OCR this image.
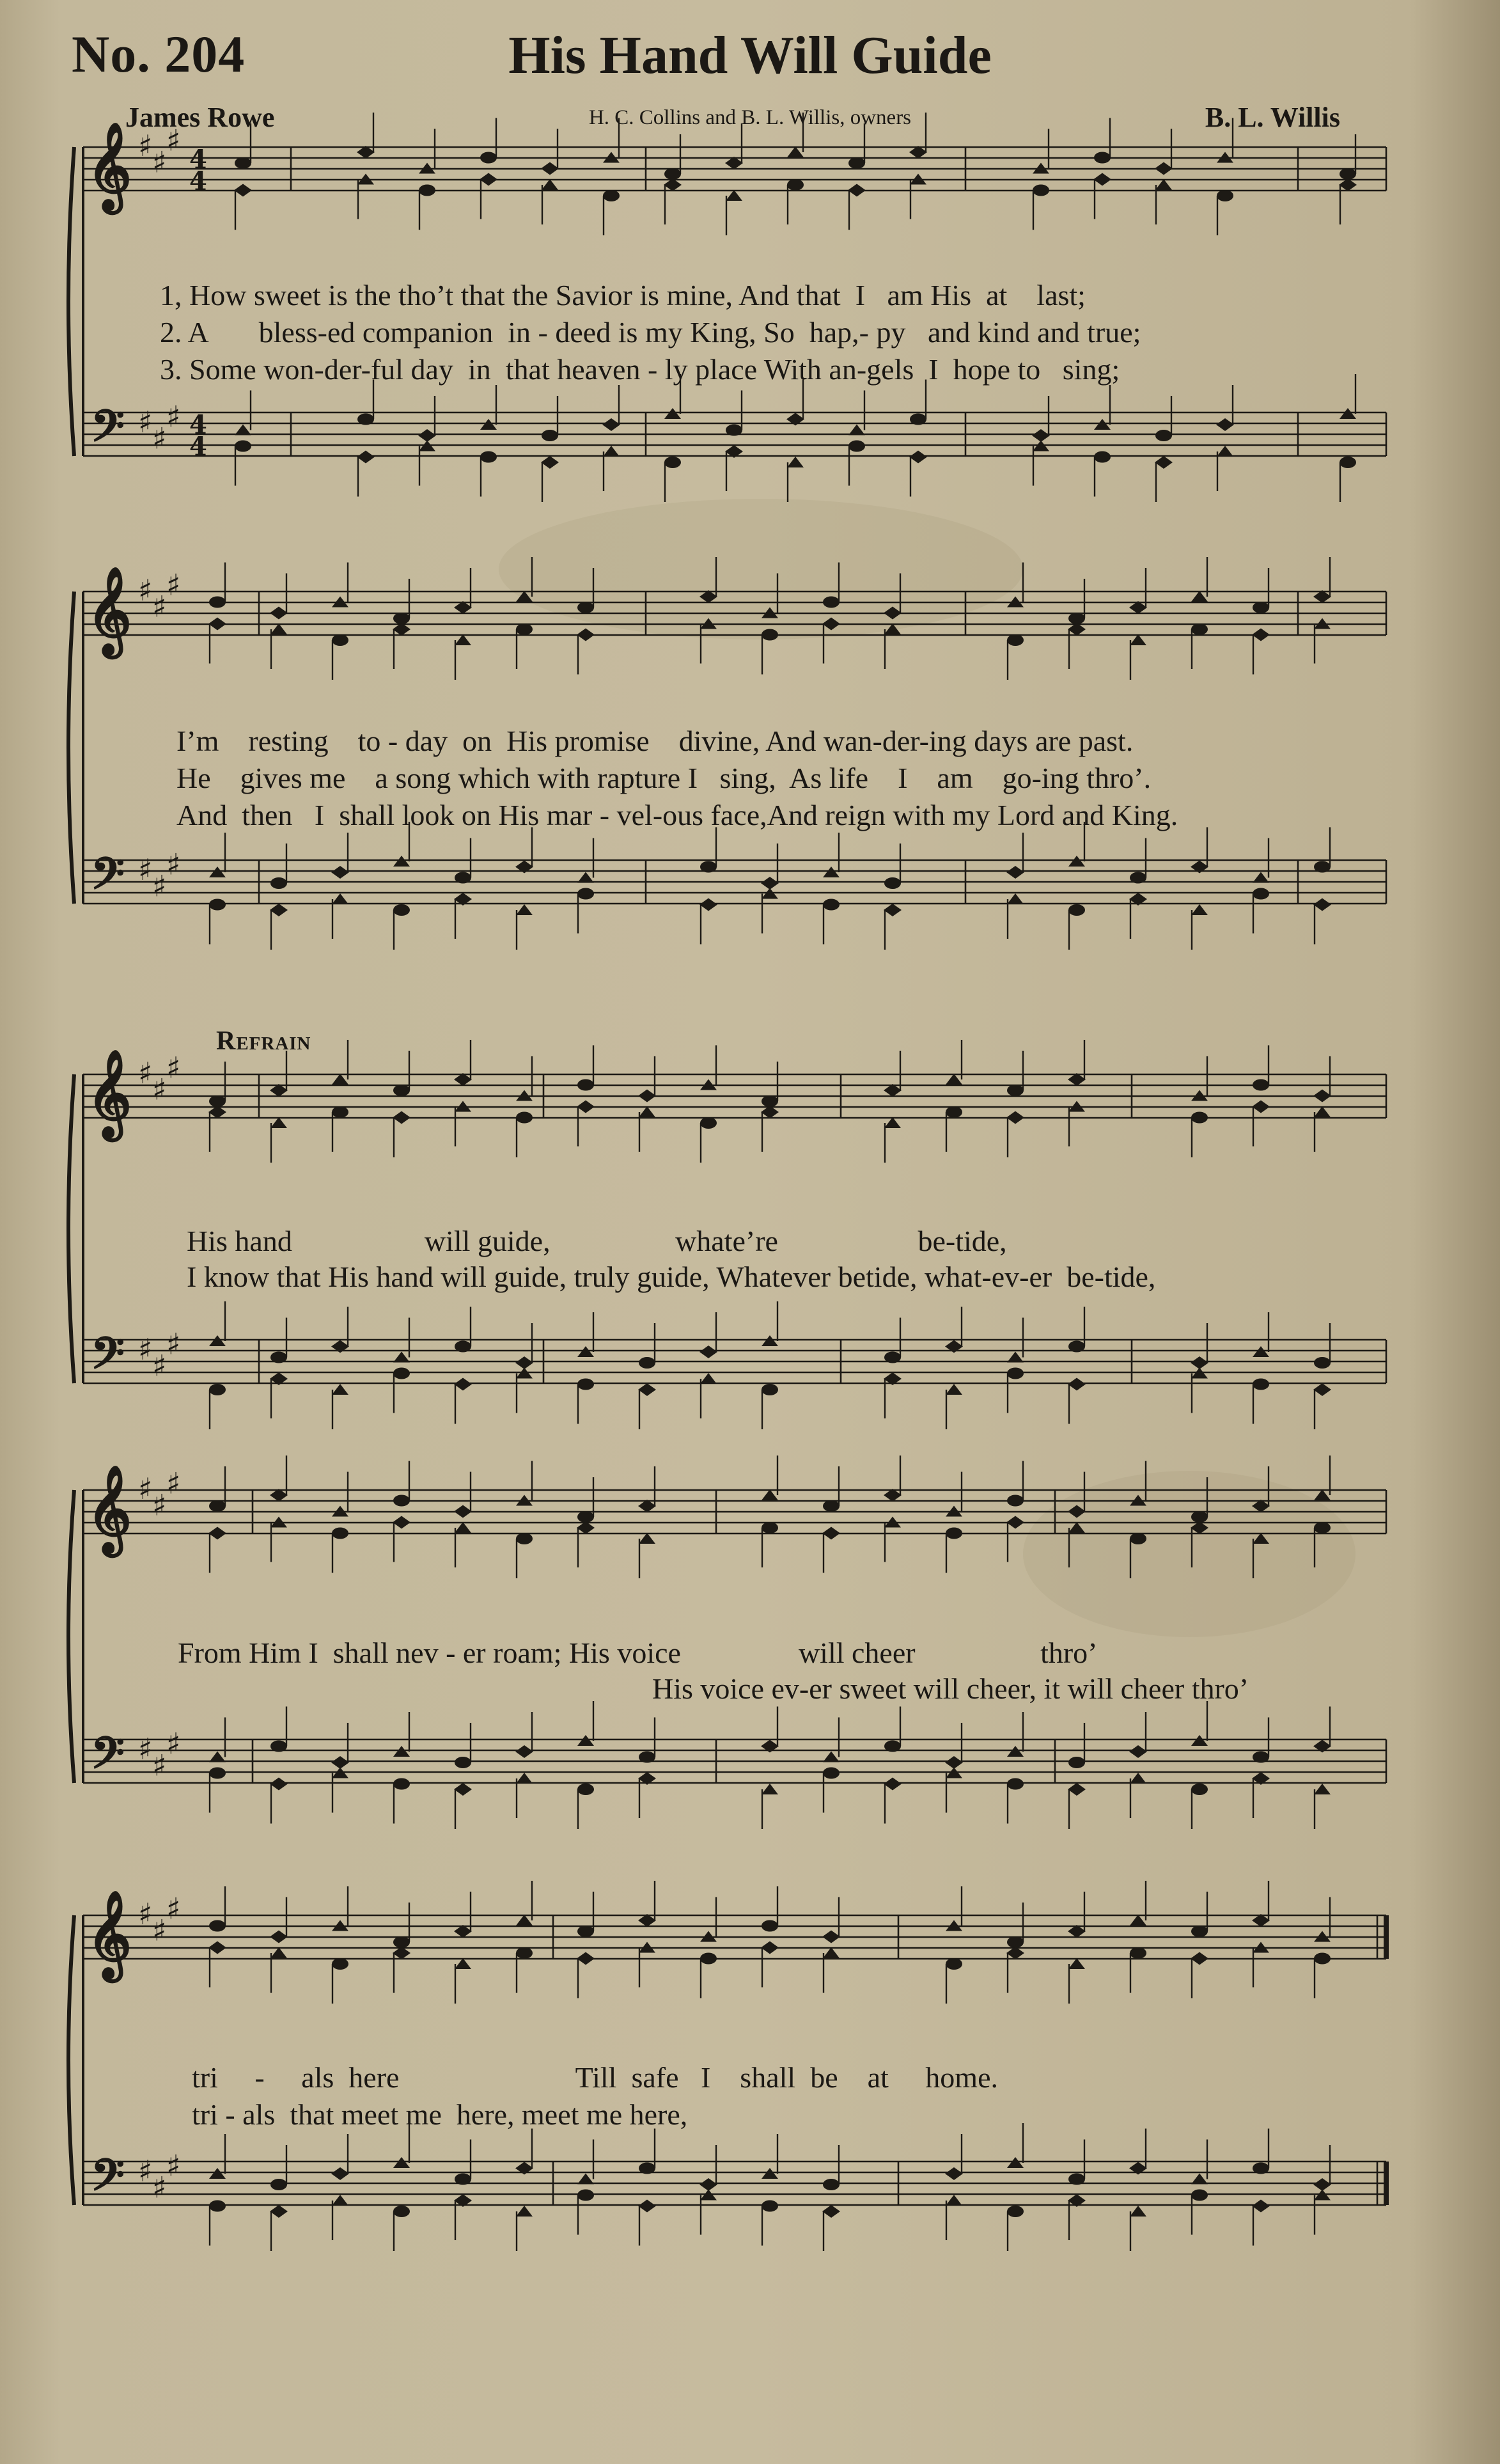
No. 204	His Hand Will Guide
James Rowe	H. C. Collins and B. L. Willis, owners	B. L. Willis
𝄞
𝄢
♯ ♯
♯
♯ ♯
♯
4
4
4
4
𝄞
𝄢
♯ ♯
♯
♯ ♯
♯
𝄞
𝄢
♯ ♯
♯
♯ ♯
♯
𝄞
𝄢
♯ ♯
♯
♯ ♯
♯
𝄞
𝄢
♯ ♯
♯
♯ ♯
♯
1, How sweet is the tho’t that the Savior is mine, And that  I   am His  at    last;
2. A       bless-ed companion  in - deed is my King, So  hap,- py   and kind and true;
3. Some won-der-ful day  in  that heaven - ly place With an-gels  I  hope to   sing;
I’m    resting    to - day  on  His promise    divine, And wan-der-ing days are past.
He    gives me    a song which with rapture I   sing,  As life    I    am    go-ing thro’.
And  then   I  shall look on His mar - vel-ous face,And reign with my Lord and King.
Refrain
His hand                  will guide,                 whate’re                   be-tide,
I know that His hand will guide, truly guide, Whatever betide, what-ev-er  be-tide,
From Him I  shall nev - er roam; His voice                will cheer                 thro’
His voice ev-er sweet will cheer, it will cheer thro’
tri     -     als  here                        Till  safe   I    shall  be    at     home.
tri - als  that meet me  here, meet me here,
